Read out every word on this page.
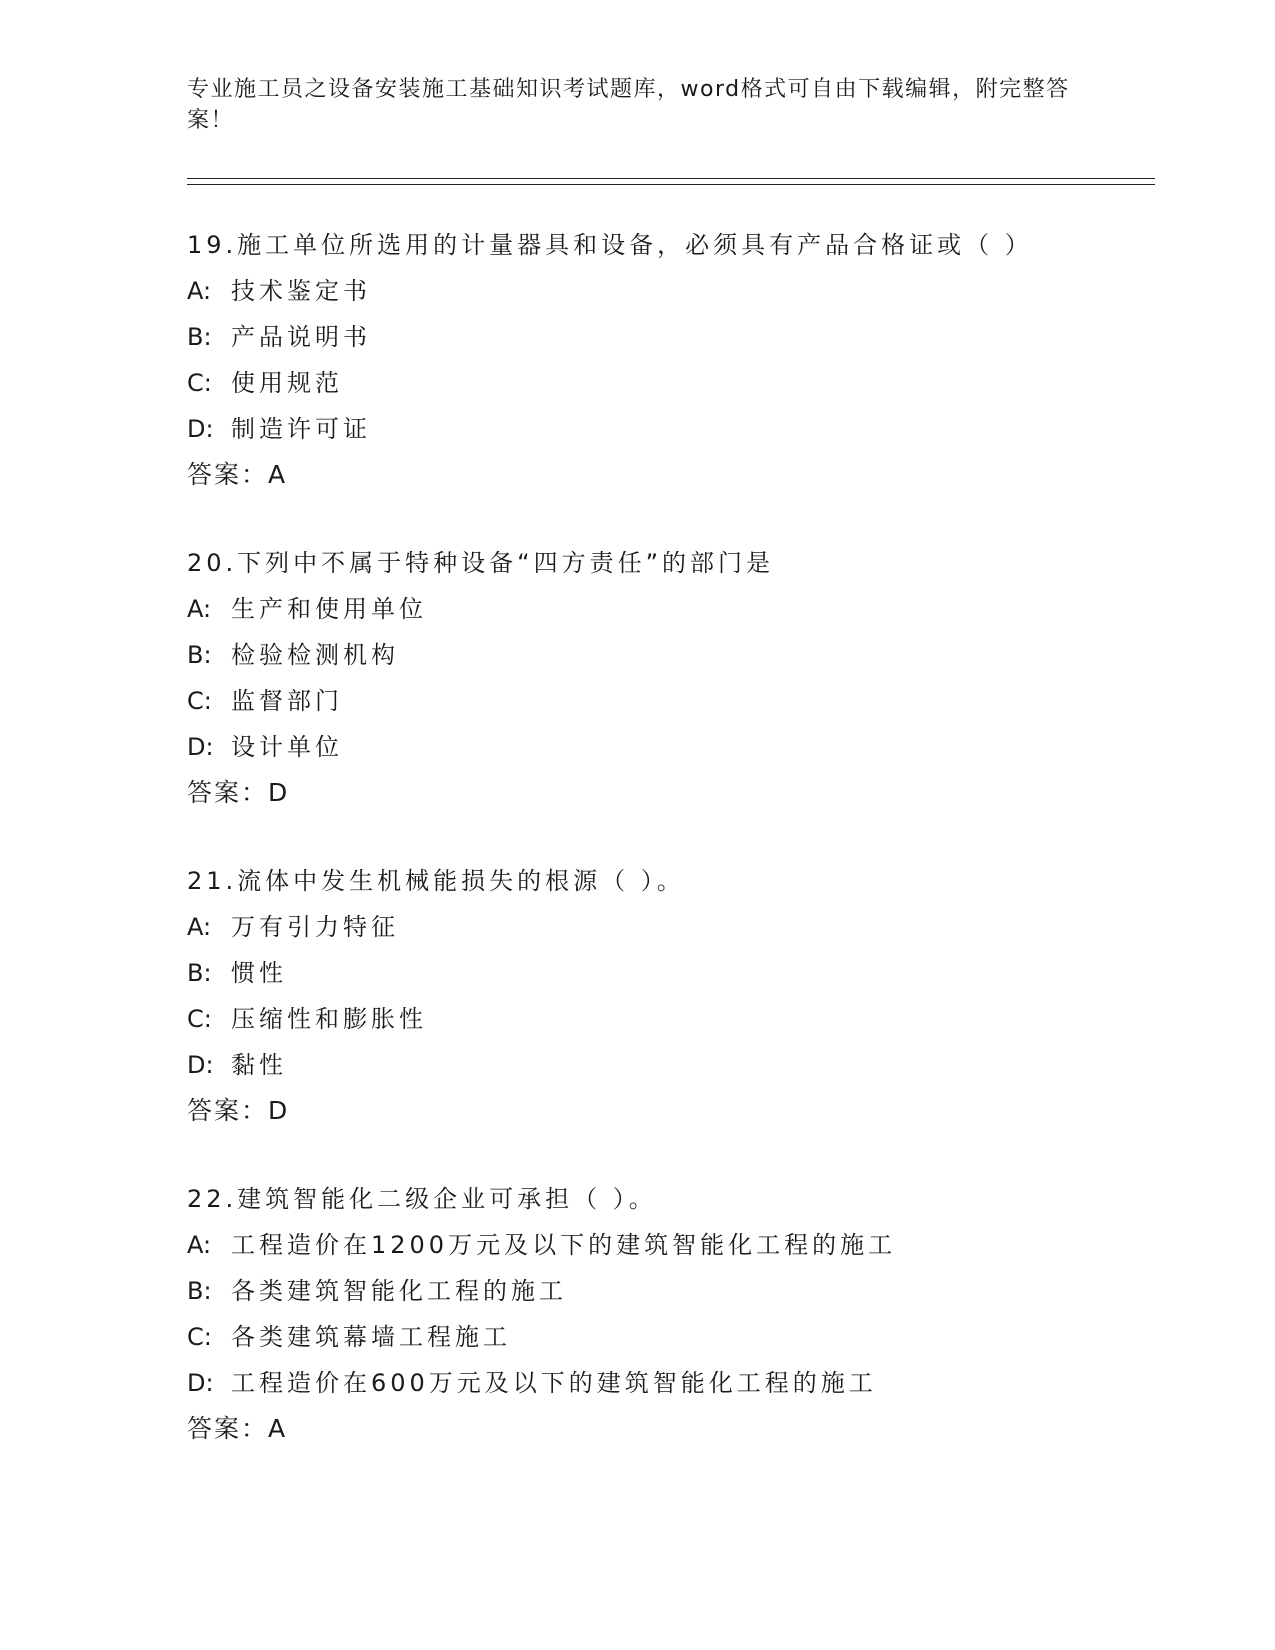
专业施工员之设备安装施工基础知识考试题库，word格式可自由下载编辑，附完整答案！
19.施工单位所选用的计量器具和设备，必须具有产品合格证或（ ）
A: 技术鉴定书
B: 产品说明书
C: 使用规范
D: 制造许可证
答案：A
20.下列中不属于特种设备“四方责任”的部门是
A: 生产和使用单位
B: 检验检测机构
C: 监督部门
D: 设计单位
答案：D
21.流体中发生机械能损失的根源（ ）。
A: 万有引力特征
B: 惯性
C: 压缩性和膨胀性
D: 黏性
答案：D
22.建筑智能化二级企业可承担（ ）。
A: 工程造价在1200万元及以下的建筑智能化工程的施工
B: 各类建筑智能化工程的施工
C: 各类建筑幕墙工程施工
D: 工程造价在600万元及以下的建筑智能化工程的施工
答案：A
